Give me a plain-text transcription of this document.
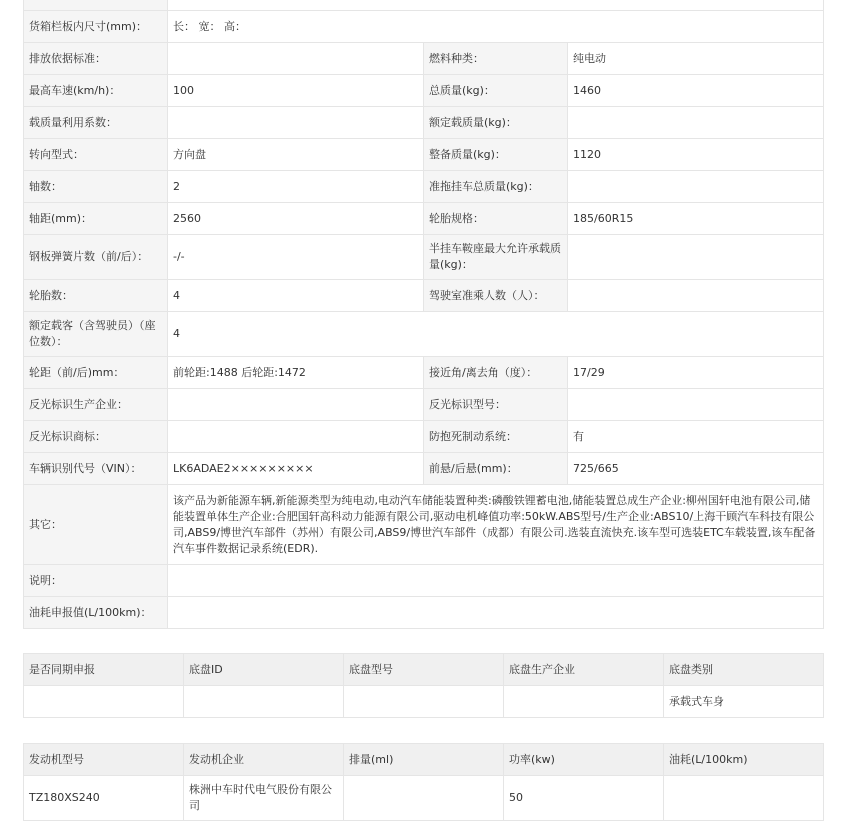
货箱栏板内尺寸(mm)：	长： 宽： 高：		
排放依据标准：		燃料种类：	纯电动
最高车速(km/h)：	100	总质量(kg)：	1460
载质量利用系数：		额定载质量(kg)：	
转向型式：	方向盘	整备质量(kg)：	1120
轴数：	2	准拖挂车总质量(kg)：	
轴距(mm)：	2560	轮胎规格：	185/60R15
钢板弹簧片数（前/后）：	-/-	半挂车鞍座最大允许承载质量(kg)：	
轮胎数：	4	驾驶室准乘人数（人）：	
额定载客（含驾驶员）（座位数）：	4		
轮距（前/后)mm：	前轮距:1488 后轮距:1472	接近角/离去角（度）：	17/29
反光标识生产企业：		反光标识型号：	
反光标识商标：		防抱死制动系统：	有
车辆识别代号（VIN）：	LK6ADAE2×××××××××	前悬/后悬(mm)：	725/665
其它：	该产品为新能源车辆,新能源类型为纯电动,电动汽车储能装置种类:磷酸铁锂蓄电池,储能装置总成生产企业:柳州国轩电池有限公司,储能装置单体生产企业:合肥国轩高科动力能源有限公司,驱动电机峰值功率:50kW.ABS型号/生产企业:ABS10/上海干顾汽车科技有限公司,ABS9/博世汽车部件（苏州）有限公司,ABS9/博世汽车部件（成都）有限公司.选装直流快充.该车型可选装ETC车载装置,该车配备汽车事件数据记录系统(EDR).		
说明：			
油耗申报值(L/100km)：			
是否同期申报	底盘ID	底盘型号	底盘生产企业	底盘类别
				承载式车身
发动机型号	发动机企业	排量(ml)	功率(kw)	油耗(L/100km)
TZ180XS240	株洲中车时代电气股份有限公司		50	
